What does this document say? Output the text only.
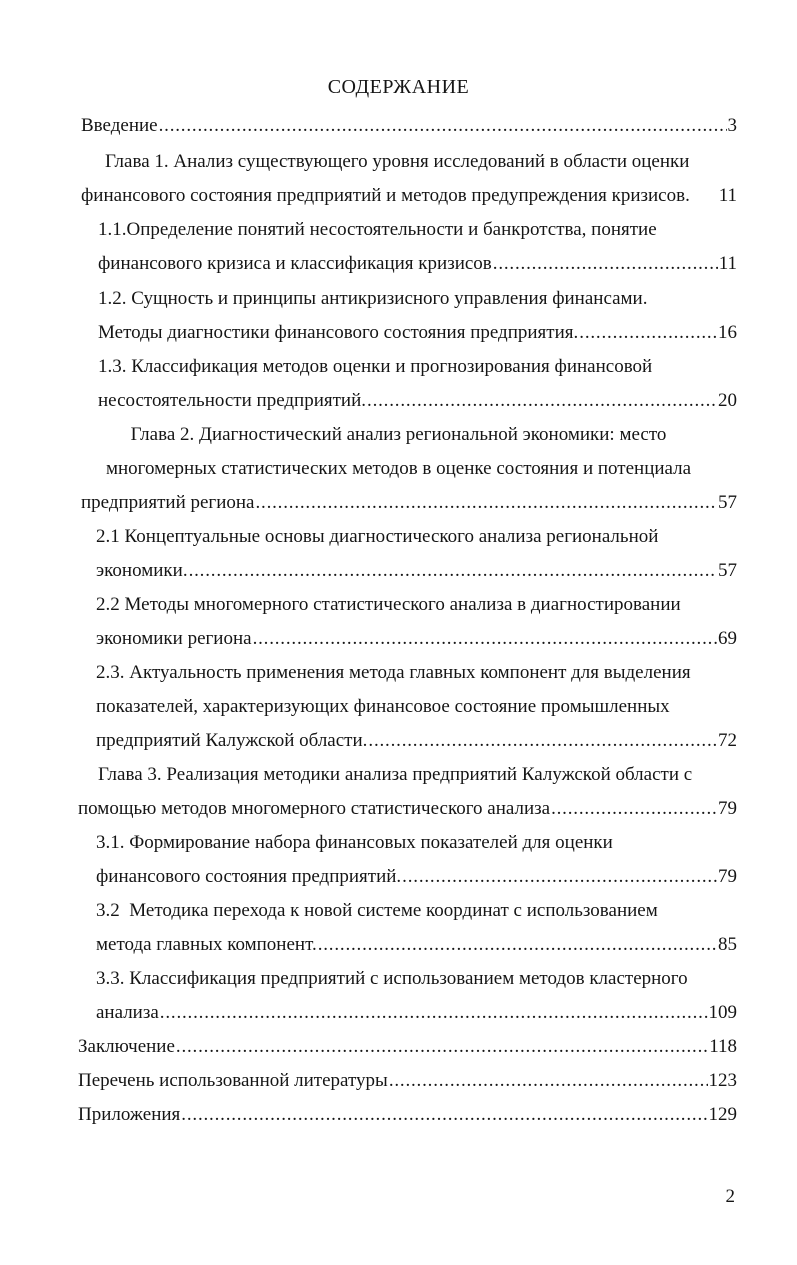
СОДЕРЖАНИЕ
Введение .....	3
Глава 1. Анализ существующего уровня исследований в области оценки
финансового состояния предприятий и методов предупреждения кризисов. 11
1.1.Определение понятий несостоятельности и банкротства, понятие
финансового кризиса и классификация кризисов .....	11
1.2. Сущность и принципы антикризисного управления финансами.
Методы диагностики финансового состояния предприятия. .....	16
1.3. Классификация методов оценки и прогнозирования финансовой
несостоятельности предприятий. .....	20
Глава 2. Диагностический анализ региональной экономики: место
многомерных статистических методов в оценке состояния и потенциала
предприятий региона .....	57
2.1 Концептуальные основы диагностического анализа региональной
экономики. .....	57
2.2 Методы многомерного статистического анализа в диагностировании
экономики региона .....	69
2.3. Актуальность применения метода главных компонент для выделения
показателей, характеризующих финансовое состояние промышленных
предприятий Калужской области. .....	72
Глава 3. Реализация методики анализа предприятий Калужской области с
помощью методов многомерного статистического анализа .....	79
3.1. Формирование набора финансовых показателей для оценки
финансового состояния предприятий. .....	79
3.2  Методика перехода к новой системе координат с использованием
метода главных компонент. .....	85
3.3. Классификация предприятий с использованием методов кластерного
анализа .....	109
Заключение .....	118
Перечень использованной литературы .....	123
Приложения .....	129
2
